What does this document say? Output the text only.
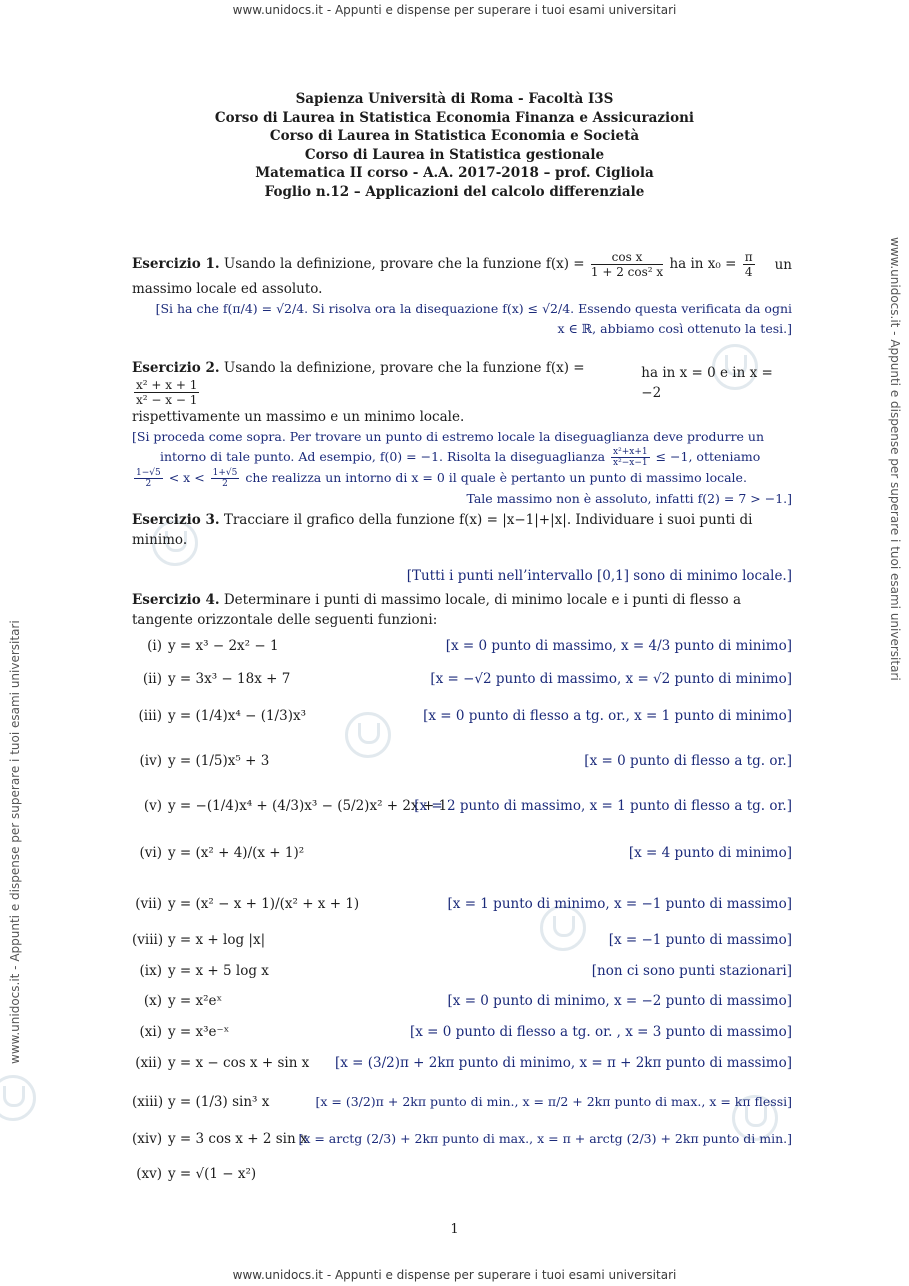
www.unidocs.it - Appunti e dispense per superare i tuoi esami universitari
www.unidocs.it - Appunti e dispense per superare i tuoi esami universitari
www.unidocs.it - Appunti e dispense per superare i tuoi esami universitari
www.unidocs.it - Appunti e dispense per superare i tuoi esami universitari
Sapienza Università di Roma - Facoltà I3S
Corso di Laurea in Statistica Economia Finanza e Assicurazioni
Corso di Laurea in Statistica Economia e Società
Corso di Laurea in Statistica gestionale
Matematica II corso - A.A. 2017-2018 – prof. Cigliola
Foglio n.12 – Applicazioni del calcolo differenziale

Esercizio 1. Usando la definizione, provare che la funzione $f(x) = \frac{\text{cos x}}{\text{1 + 2 cos² x}}$ ha in $x_0 = \frac{\pi}{4}$ un

massimo locale ed assoluto.

[Si ha che f(π/4) = √2/4. Si risolva ora la disequazione f(x) ≤ √2/4. Essendo questa verificata da ogni
x ∈ ℝ, abbiamo così ottenuto la tesi.]

Esercizio 2. Usando la definizione, provare che la funzione f(x) =
$\frac{\text{x² + x + 1}}{\text{x² − x − 1}}$
ha in x = 0 e in x = −2

rispettivamente un massimo e un minimo locale.

[Si proceda come sopra. Per trovare un punto di estremo locale la diseguaglianza deve produrre un
intorno di tale punto. Ad esempio, f(0) = −1. Risolta la diseguaglianza $\frac{\text{x²+x+1}}{\text{x²−x−1}} \le -1$, otteniamo
$\frac{1-√5}{2} < x < \frac{1+√5}{2}$ che realizza un intorno di x = 0 il quale è pertanto un punto di massimo locale.
Tale massimo non è assoluto, infatti f(2) = 7 > −1.]

Esercizio 3. Tracciare il grafico della funzione f(x) = |x−1|+|x|. Individuare i suoi punti di minimo.

[Tutti i punti nell’intervallo [0,1] sono di minimo locale.]

Esercizio 4. Determinare i punti di massimo locale, di minimo locale e i punti di flesso a tangente orizzontale delle seguenti funzioni:

(i) y = x³ − 2x² − 1	[x = 0 punto di massimo, x = 4/3 punto di minimo]
(ii) y = 3x³ − 18x + 7	[x = −√2 punto di massimo, x = √2 punto di minimo]
(iii) y = (1/4)x⁴ − (1/3)x³	[x = 0 punto di flesso a tg. or., x = 1 punto di minimo]
(iv) y = (1/5)x⁵ + 3	[x = 0 punto di flesso a tg. or.]
(v) y = −(1/4)x⁴ + (4/3)x³ − (5/2)x² + 2x + 1
[x = 2 punto di massimo, x = 1 punto di flesso a tg. or.]
(vi) y = (x² + 4)/(x + 1)²	[x = 4 punto di minimo]
(vii) y = (x² − x + 1)/(x² + x + 1)	[x = 1 punto di minimo, x = −1 punto di massimo]
(viii) y = x + log |x|	[x = −1 punto di massimo]
(ix) y = x + 5 log x	[non ci sono punti stazionari]
(x) y = x²eˣ	[x = 0 punto di minimo, x = −2 punto di massimo]
(xi) y = x³e⁻ˣ	[x = 0 punto di flesso a tg. or. , x = 3 punto di massimo]
(xii) y = x − cos x + sin x [x = (3/2)π + 2kπ punto di minimo, x = π + 2kπ punto di massimo]
(xiii) y = (1/3) sin³ x	[x = (3/2)π + 2kπ punto di min., x = π/2 + 2kπ punto di max., x = kπ flessi]
(xiv) y = 3 cos x + 2 sin x
[x = arctg (2/3) + 2kπ punto di max., x = π + arctg (2/3) + 2kπ punto di min.]
(xv) y = √(1 − x²)
1
